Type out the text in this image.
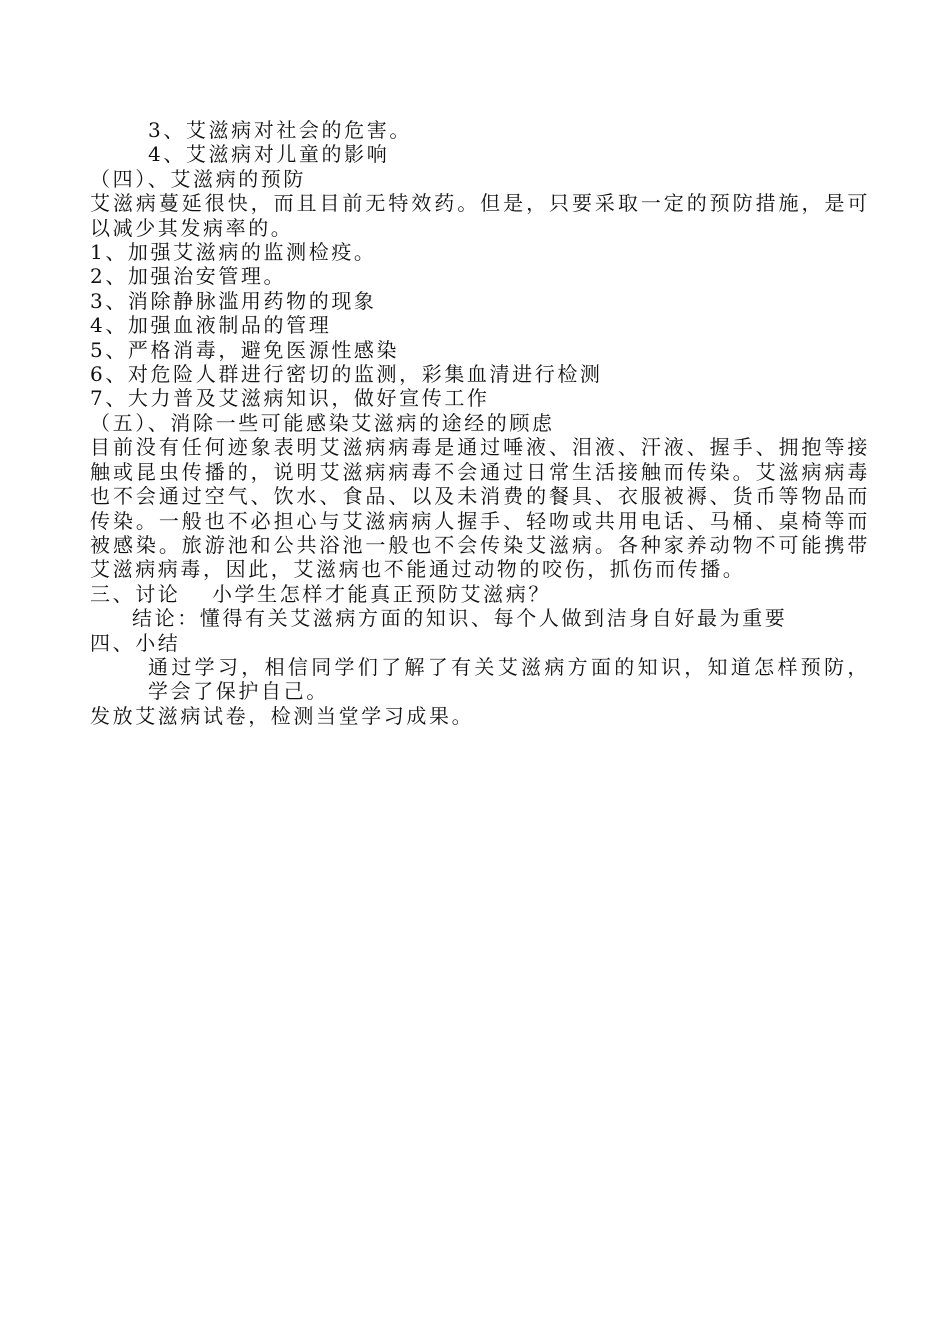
3、艾滋病对社会的危害。

4、艾滋病对儿童的影响

（四）、艾滋病的预防

艾滋病蔓延很快，而且目前无特效药。但是，只要采取一定的预防措施，是可以减少其发病率的。

1、加强艾滋病的监测检疫。

2、加强治安管理。

3、消除静脉滥用药物的现象

4、加强血液制品的管理

5、严格消毒，避免医源性感染

6、对危险人群进行密切的监测，彩集血清进行检测

7、大力普及艾滋病知识，做好宣传工作

（五）、消除一些可能感染艾滋病的途经的顾虑

目前没有任何迹象表明艾滋病病毒是通过唾液、泪液、汗液、握手、拥抱等接触或昆虫传播的，说明艾滋病病毒不会通过日常生活接触而传染。艾滋病病毒也不会通过空气、饮水、食品、以及未消费的餐具、衣服被褥、货币等物品而传染。一般也不必担心与艾滋病病人握手、轻吻或共用电话、马桶、桌椅等而被感染。旅游池和公共浴池一般也不会传染艾滋病。各种家养动物不可能携带艾滋病病毒，因此，艾滋病也不能通过动物的咬伤，抓伤而传播。

三、讨论　 小学生怎样才能真正预防艾滋病？

结论：懂得有关艾滋病方面的知识、每个人做到洁身自好最为重要

四、小结

通过学习，相信同学们了解了有关艾滋病方面的知识，知道怎样预防，学会了保护自己。

发放艾滋病试卷，检测当堂学习成果。
